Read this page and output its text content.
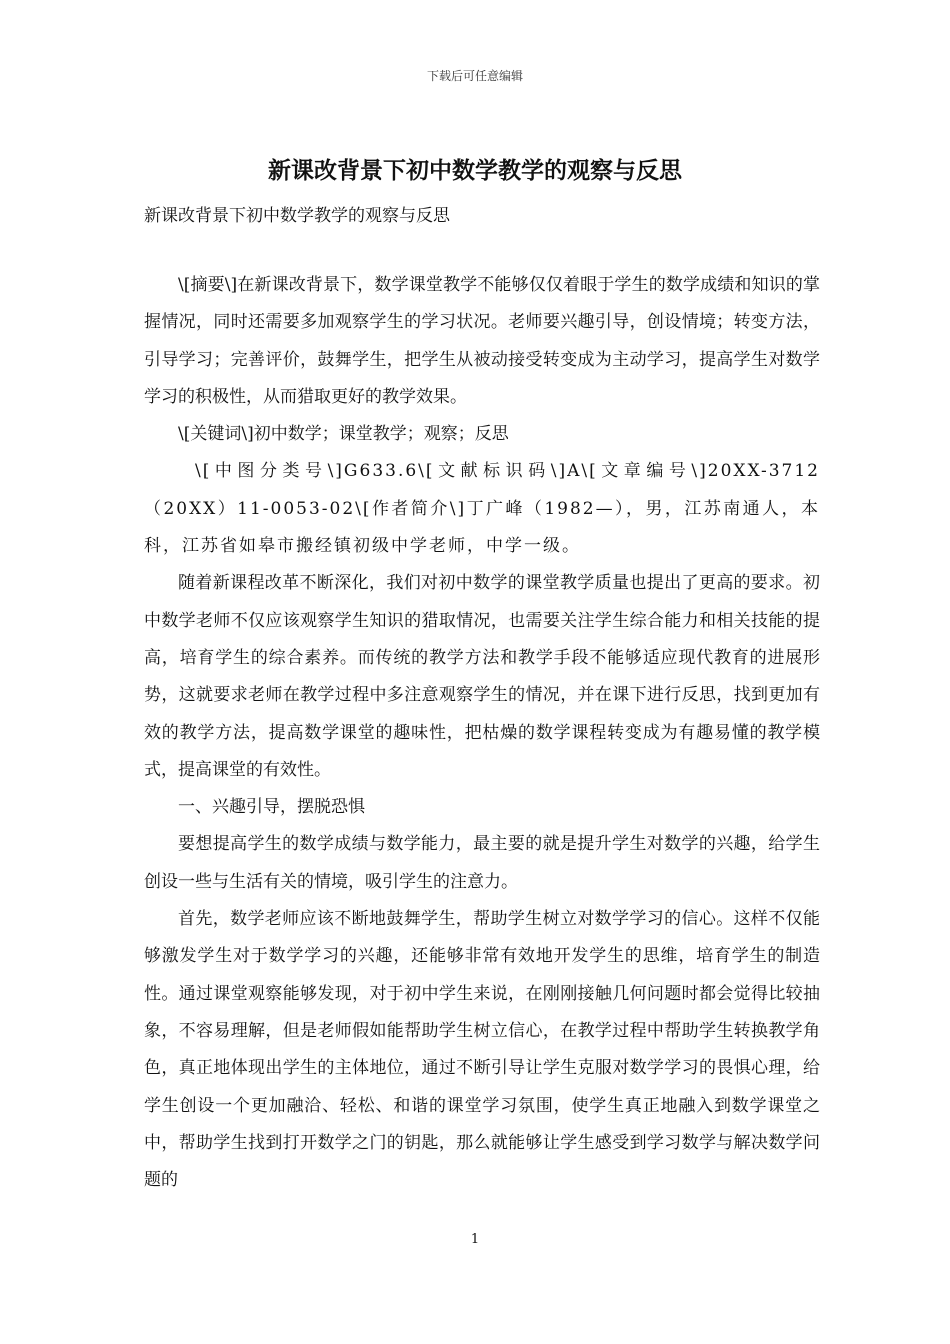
下载后可任意编辑
新课改背景下初中数学教学的观察与反思

新课改背景下初中数学教学的观察与反思

\[摘要\]在新课改背景下，数学课堂教学不能够仅仅着眼于学生的数学成绩和知识的掌握情况，同时还需要多加观察学生的学习状况。老师要兴趣引导，创设情境；转变方法，引导学习；完善评价，鼓舞学生，把学生从被动接受转变成为主动学习，提高学生对数学学习的积极性，从而猎取更好的教学效果。

\[关键词\]初中数学；课堂教学；观察；反思

\[中图分类号\]G633.6\[文献标识码\]A\[文章编号\]20XX-3712（20XX）11-0053-02\[作者简介\]丁广峰（1982—），男，江苏南通人，本科，江苏省如皋市搬经镇初级中学老师，中学一级。

随着新课程改革不断深化，我们对初中数学的课堂教学质量也提出了更高的要求。初中数学老师不仅应该观察学生知识的猎取情况，也需要关注学生综合能力和相关技能的提高，培育学生的综合素养。而传统的教学方法和教学手段不能够适应现代教育的进展形势，这就要求老师在教学过程中多注意观察学生的情况，并在课下进行反思，找到更加有效的教学方法，提高数学课堂的趣味性，把枯燥的数学课程转变成为有趣易懂的教学模式，提高课堂的有效性。

一、兴趣引导，摆脱恐惧

要想提高学生的数学成绩与数学能力，最主要的就是提升学生对数学的兴趣，给学生创设一些与生活有关的情境，吸引学生的注意力。

首先，数学老师应该不断地鼓舞学生，帮助学生树立对数学学习的信心。这样不仅能够激发学生对于数学学习的兴趣，还能够非常有效地开发学生的思维，培育学生的制造性。通过课堂观察能够发现，对于初中学生来说，在刚刚接触几何问题时都会觉得比较抽象，不容易理解，但是老师假如能帮助学生树立信心，在教学过程中帮助学生转换教学角色，真正地体现出学生的主体地位，通过不断引导让学生克服对数学学习的畏惧心理，给学生创设一个更加融洽、轻松、和谐的课堂学习氛围，使学生真正地融入到数学课堂之中，帮助学生找到打开数学之门的钥匙，那么就能够让学生感受到学习数学与解决数学问题的

1
